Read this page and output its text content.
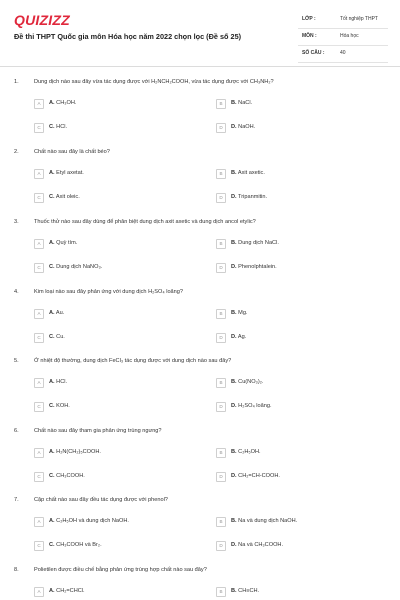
QUIZIZZ
Đề thi THPT Quốc gia môn Hóa học năm 2022 chọn lọc (Đề số 25)
LỚP :	Tốt nghiệp THPT
MÔN :	Hóa học
SỐ CÂU :	40
1.	Dung dịch nào sau đây vừa tác dụng được với H₂NCH₂COOH, vừa tác dụng được với CH₃NH₂?
A	A. CH₃OH.	B	B. NaCl.
C	C. HCl.	D	D. NaOH.
2.	Chất nào sau đây là chất béo?
A	A. Etyl axetat.	B	B. Axit axetic.
C	C. Axit oleic.	D	D. Tripanmitin.
3.	Thuốc thử nào sau đây dùng để phân biệt dung dịch axit axetic và dung dịch ancol etylic?
A	A. Quỳ tím.	B	B. Dung dịch NaCl.
C	C. Dung dịch NaNO₃.	D	D. Phenolphtalein.
4.	Kim loại nào sau đây phản ứng với dung dịch H₂SO₄ loãng?
A	A. Au.	B	B. Mg.
C	C. Cu.	D	D. Ag.
5.	Ở nhiệt độ thường, dung dịch FeCl₃ tác dụng được với dung dịch nào sau đây?
A	A. HCl.	B	B. Cu(NO₃)₂.
C	C. KOH.	D	D. H₂SO₄ loãng.
6.	Chất nào sau đây tham gia phản ứng trùng ngưng?
A	A. H₂N(CH₂)₅COOH.	B	B. C₂H₅OH.
C	C. CH₃COOH.	D	D. CH₂=CH-COOH.
7.	Cặp chất nào sau đây đều tác dụng được với phenol?
A	A. C₂H₅OH và dung dịch NaOH.	B	B. Na và dung dịch NaOH.
C	C. CH₃COOH và Br₂.	D	D. Na và CH₃COOH.
8.	Polietilen được điều chế bằng phản ứng trùng hợp chất nào sau đây?
A	A. CH₂=CHCl.	B	B. CH≡CH.
